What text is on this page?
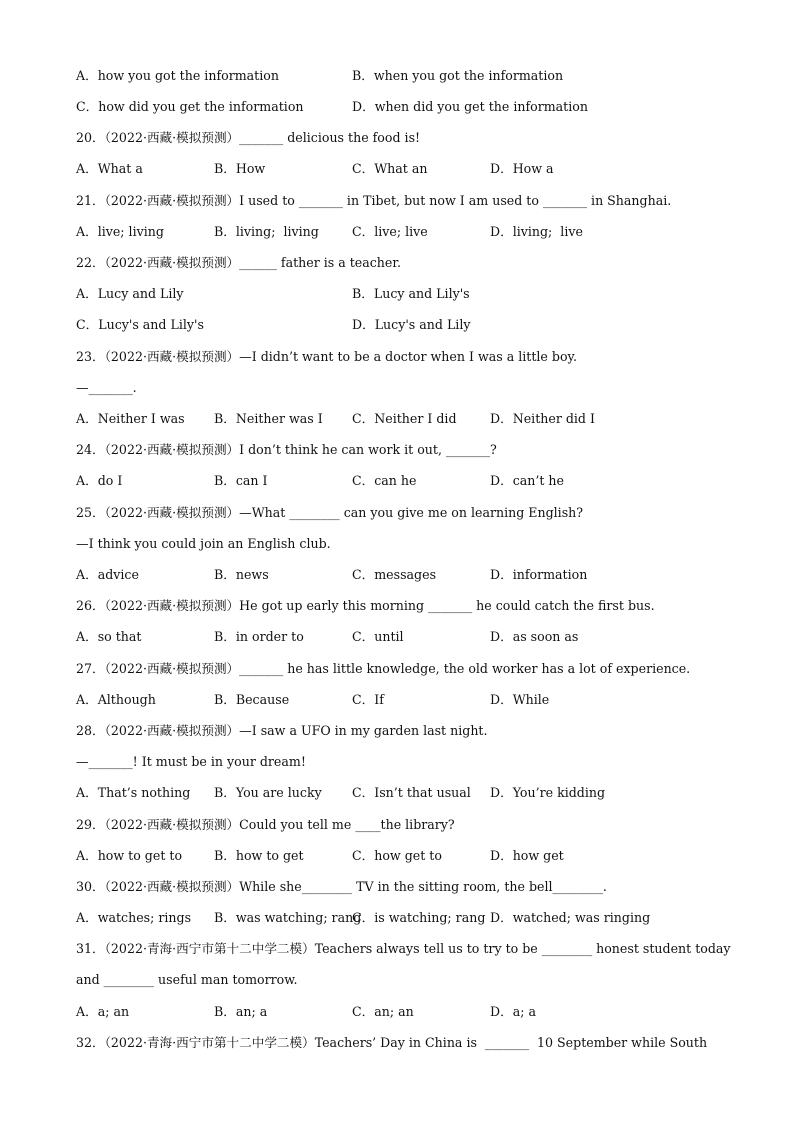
A．how you got the information	B．when you got the information
C．how did you get the information	D．when did you get the information
20．（2022·西藏·模拟预测）_______ delicious the food is!
A．What a	B．How	C．What an	D．How a
21．（2022·西藏·模拟预测）I used to _______ in Tibet, but now I am used to _______ in Shanghai.
A．live; living	B．living;  living	C．live; live	D．living;  live
22．（2022·西藏·模拟预测）______ father is a teacher.
A．Lucy and Lily	B．Lucy and Lily's
C．Lucy's and Lily's	D．Lucy's and Lily
23．（2022·西藏·模拟预测）—I didn’t want to be a doctor when I was a little boy.
—_______.
A．Neither I was B．Neither was I C．Neither I did	D．Neither did I
24．（2022·西藏·模拟预测）I don’t think he can work it out, _______?
A．do I	B．can I	C．can he	D．can’t he
25．（2022·西藏·模拟预测）—What ________ can you give me on learning English?
—I think you could join an English club.
A．advice	B．news	C．messages	D．information
26．（2022·西藏·模拟预测）He got up early this morning _______ he could catch the first bus.
A．so that	B．in order to	C．until	D．as soon as
27．（2022·西藏·模拟预测）_______ he has little knowledge, the old worker has a lot of experience.
A．Although	B．Because	C．If	D．While
28．（2022·西藏·模拟预测）—I saw a UFO in my garden last night.
—_______! It must be in your dream!
A．That’s nothing B．You are lucky C．Isn’t that usual D．You’re kidding
29．（2022·西藏·模拟预测）Could you tell me ____the library?
A．how to get to	B．how to get	C．how get to	D．how get
30．（2022·西藏·模拟预测）While she________ TV in the sitting room, the bell________.
A．watches; rings B．was watching; rang
C．is watching; rang D．watched; was ringing
31．（2022·青海·西宁市第十二中学二模）Teachers always tell us to try to be ________ honest student today
and ________ useful man tomorrow.
A．a; an	B．an; a	C．an; an	D．a; a
32．（2022·青海·西宁市第十二中学二模）Teachers’ Day in China is  _______  10 September while South
